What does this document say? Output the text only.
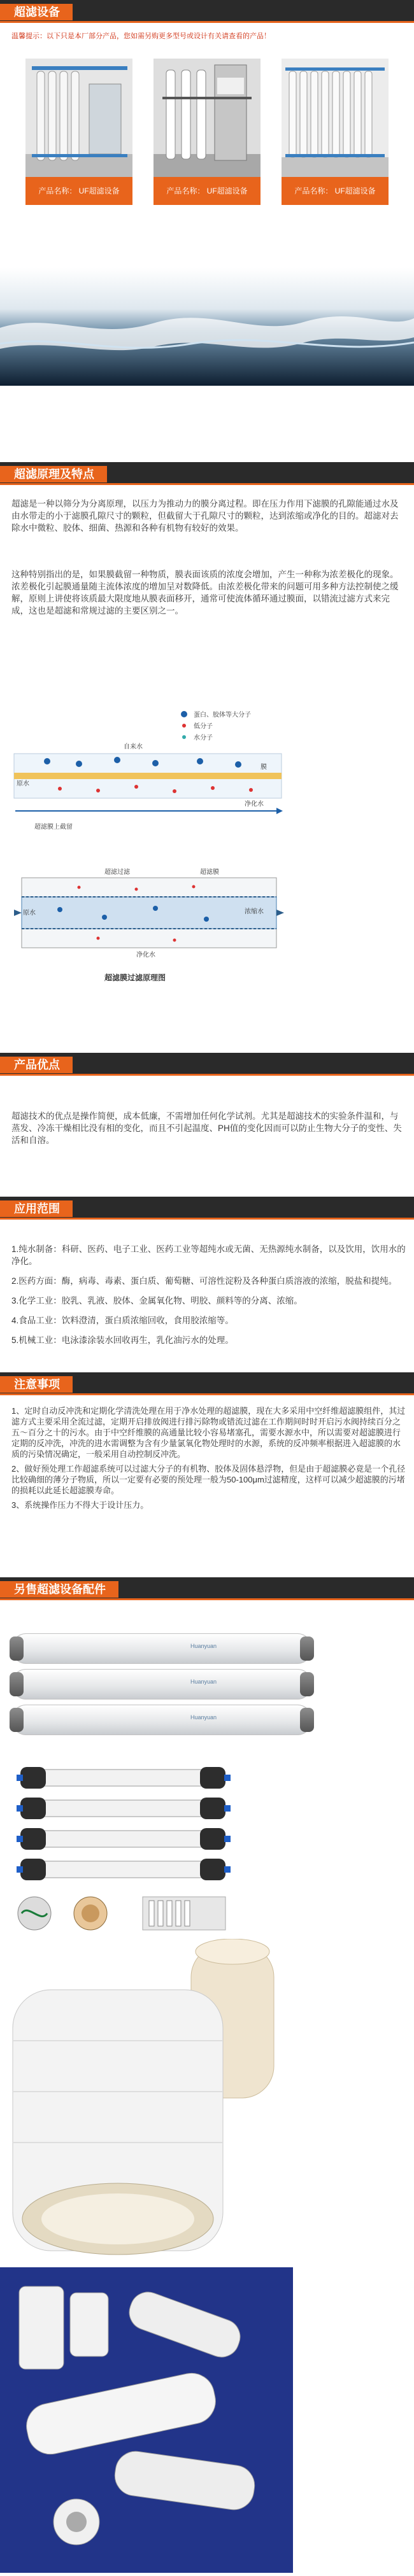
超滤设备
温馨提示：以下只是本厂部分产品，您如需另购更多型号或设计有关请查看的产品！
产品名称： UF超滤设备	产品名称： UF超滤设备	产品名称： UF超滤设备
超滤原理及特点
超滤是一种以筛分为分离原理，以压力为推动力的膜分离过程。即在压力作用下滤膜的孔隙能通过水及由水带走的小于滤膜孔隙尺寸的颗粒，但截留大于孔隙尺寸的颗粒，达到浓缩或净化的目的。超滤对去除水中微粒、胶体、细菌、热源和各种有机物有较好的效果。
这种特别指出的是，如果膜截留一种物质，膜表面该质的浓度会增加，产生一种称为浓差极化的现象。浓差极化引起膜通量随主流体浓度的增加呈对数降低。由浓差极化带来的问题可用多种方法控制使之缓解，原则上讲使将该质最大限度地从膜表面移开，通常可使流体循环通过膜面，以错流过滤方式来完成，这也是超滤和常规过滤的主要区别之一。
蛋白、胶体等大分子
低分子
水分子
原水
净化水
超滤膜上截留
膜
自来水
原水	浓缩水
超滤过滤	超滤膜
净化水
超滤膜过滤原理图
产品优点
超滤技术的优点是操作简便，成本低廉，不需增加任何化学试剂。尤其是超滤技术的实验条件温和，与蒸发、冷冻干燥相比没有相的变化，而且不引起温度、PH值的变化因而可以防止生物大分子的变性、失活和自溶。
应用范围
1.纯水制备：科研、医药、电子工业、医药工业等超纯水或无菌、无热源纯水制备，以及饮用，饮用水的净化。
2.医药方面：酶，病毒、毒素、蛋白质、葡萄糖、可溶性淀粉及各种蛋白质溶液的浓缩，脱盐和提纯。
3.化学工业：胶乳、乳液、胶体、金属氧化物、明胶、颜料等的分离、浓缩。
4.食品工业：饮料澄清，蛋白质浓缩回收，食用胶浓缩等。
5.机械工业：电泳漆涂装水回收再生，乳化油污水的处理。
注意事项
1、定时自动反冲洗和定期化学清洗处理在用于净水处理的超滤膜，现在大多采用中空纤维超滤膜组件，其过滤方式主要采用全流过滤，定期开启排放阀进行排污除物或错流过滤在工作期间时时开启污水阀持续百分之五～百分之十的污水。由于中空纤维膜的高通量比较小容易堵塞孔，需要水源水中，所以需要对超滤膜进行定期的反冲洗，冲洗的进水需调整为含有少量氯氧化物处理时的水源，系统的反冲频率根据进入超滤膜的水质的污染情况确定，一般采用自动控制反冲洗。
2、做好预处理工作超滤系统可以过滤大分子的有机物、胶体及固体悬浮物，但是由于超滤膜必竟是一个孔径比较确细的薄分子物质，所以一定要有必要的预处理一般为50-100μm过滤精度，这样可以减少超滤膜的污堵的损耗以此延长超滤膜寿命。
3、系统操作压力不得大于设计压力。
另售超滤设备配件
Huanyuan
Huanyuan
Huanyuan
